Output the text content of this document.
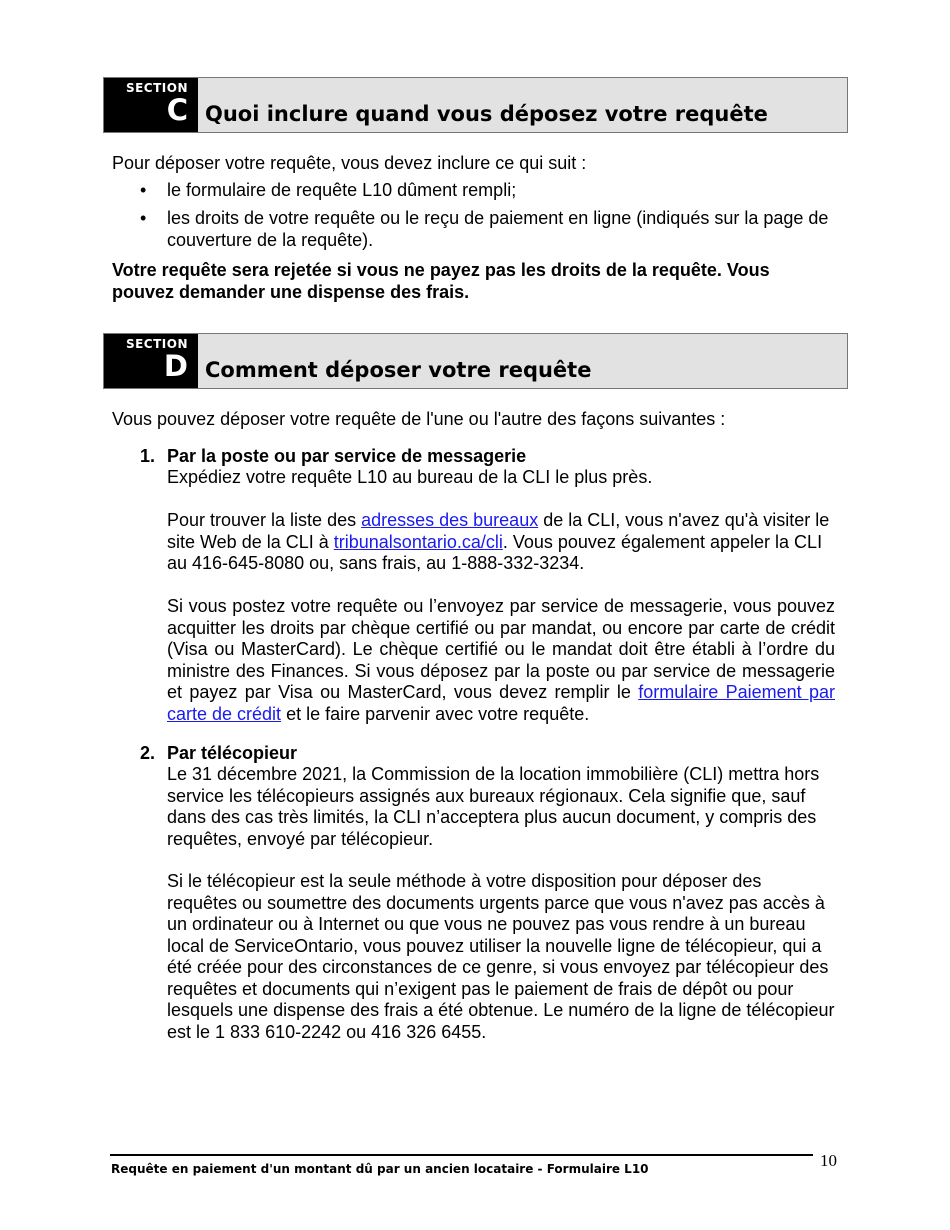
SECTION
C Quoi inclure quand vous déposez votre requête

Pour déposer votre requête, vous devez inclure ce qui suit :

• le formulaire de requête L10 dûment rempli;
• les droits de votre requête ou le reçu de paiement en ligne (indiqués sur la page de couverture de la requête).

Votre requête sera rejetée si vous ne payez pas les droits de la requête. Vous pouvez demander une dispense des frais.

SECTION
D Comment déposer votre requête

Vous pouvez déposer votre requête de l'une ou l'autre des façons suivantes :

1. Par la poste ou par service de messagerie

Expédiez votre requête L10 au bureau de la CLI le plus près.

Pour trouver la liste des adresses des bureaux de la CLI, vous n'avez qu'à visiter le site Web de la CLI à tribunalsontario.ca/cli. Vous pouvez également appeler la CLI au 416-645-8080 ou, sans frais, au 1-888-332-3234.

Si vous postez votre requête ou l’envoyez par service de messagerie, vous pouvez acquitter les droits par chèque certifié ou par mandat, ou encore par carte de crédit (Visa ou MasterCard). Le chèque certifié ou le mandat doit être établi à l’ordre du ministre des Finances. Si vous déposez par la poste ou par service de messagerie et payez par Visa ou MasterCard, vous devez remplir le formulaire Paiement par carte de crédit et le faire parvenir avec votre requête.

2. Par télécopieur

Le 31 décembre 2021, la Commission de la location immobilière (CLI) mettra hors service les télécopieurs assignés aux bureaux régionaux. Cela signifie que, sauf dans des cas très limités, la CLI n’acceptera plus aucun document, y compris des requêtes, envoyé par télécopieur.

Si le télécopieur est la seule méthode à votre disposition pour déposer des requêtes ou soumettre des documents urgents parce que vous n'avez pas accès à un ordinateur ou à Internet ou que vous ne pouvez pas vous rendre à un bureau local de ServiceOntario, vous pouvez utiliser la nouvelle ligne de télécopieur, qui a été créée pour des circonstances de ce genre, si vous envoyez par télécopieur des requêtes et documents qui n’exigent pas le paiement de frais de dépôt ou pour lesquels une dispense des frais a été obtenue. Le numéro de la ligne de télécopieur est le 1 833 610-2242 ou 416 326 6455.

Requête en paiement d'un montant dû par un ancien locataire - Formulaire L10	10
